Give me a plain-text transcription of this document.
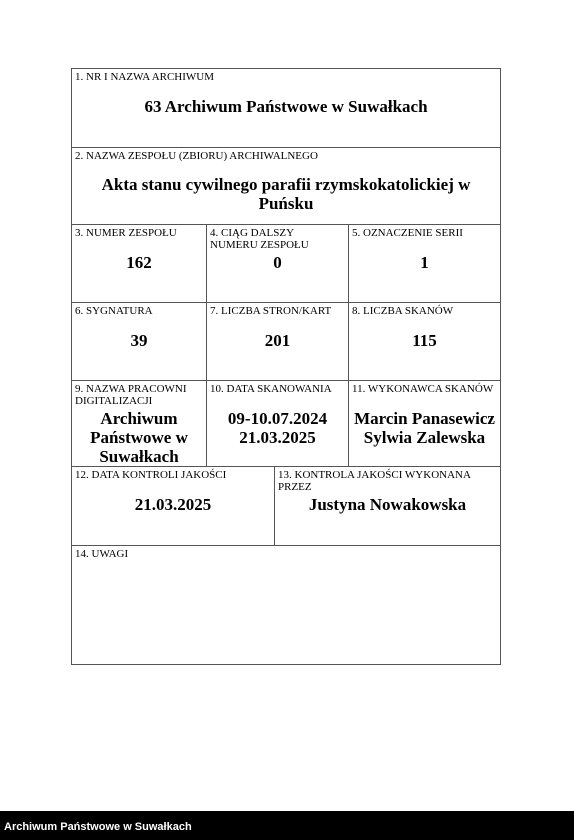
1. NR I NAZWA ARCHIWUM
63 Archiwum Państwowe w Suwałkach
2. NAZWA ZESPOŁU (ZBIORU) ARCHIWALNEGO
Akta stanu cywilnego parafii rzymskokatolickiej w Puńsku
3. NUMER ZESPOŁU
162
4. CIĄG DALSZY NUMERU ZESPOŁU
0
5. OZNACZENIE SERII
1
6. SYGNATURA
39
7. LICZBA STRON/KART
201
8. LICZBA SKANÓW
115
9. NAZWA PRACOWNI DIGITALIZACJI
Archiwum Państwowe w Suwałkach
10. DATA SKANOWANIA
09-10.07.2024
21.03.2025
11. WYKONAWCA SKANÓW
Marcin Panasewicz
Sylwia Zalewska
12. DATA KONTROLI JAKOŚCI
21.03.2025
13. KONTROLA JAKOŚCI WYKONANA PRZEZ
Justyna Nowakowska
14. UWAGI
Archiwum Państwowe w Suwałkach
